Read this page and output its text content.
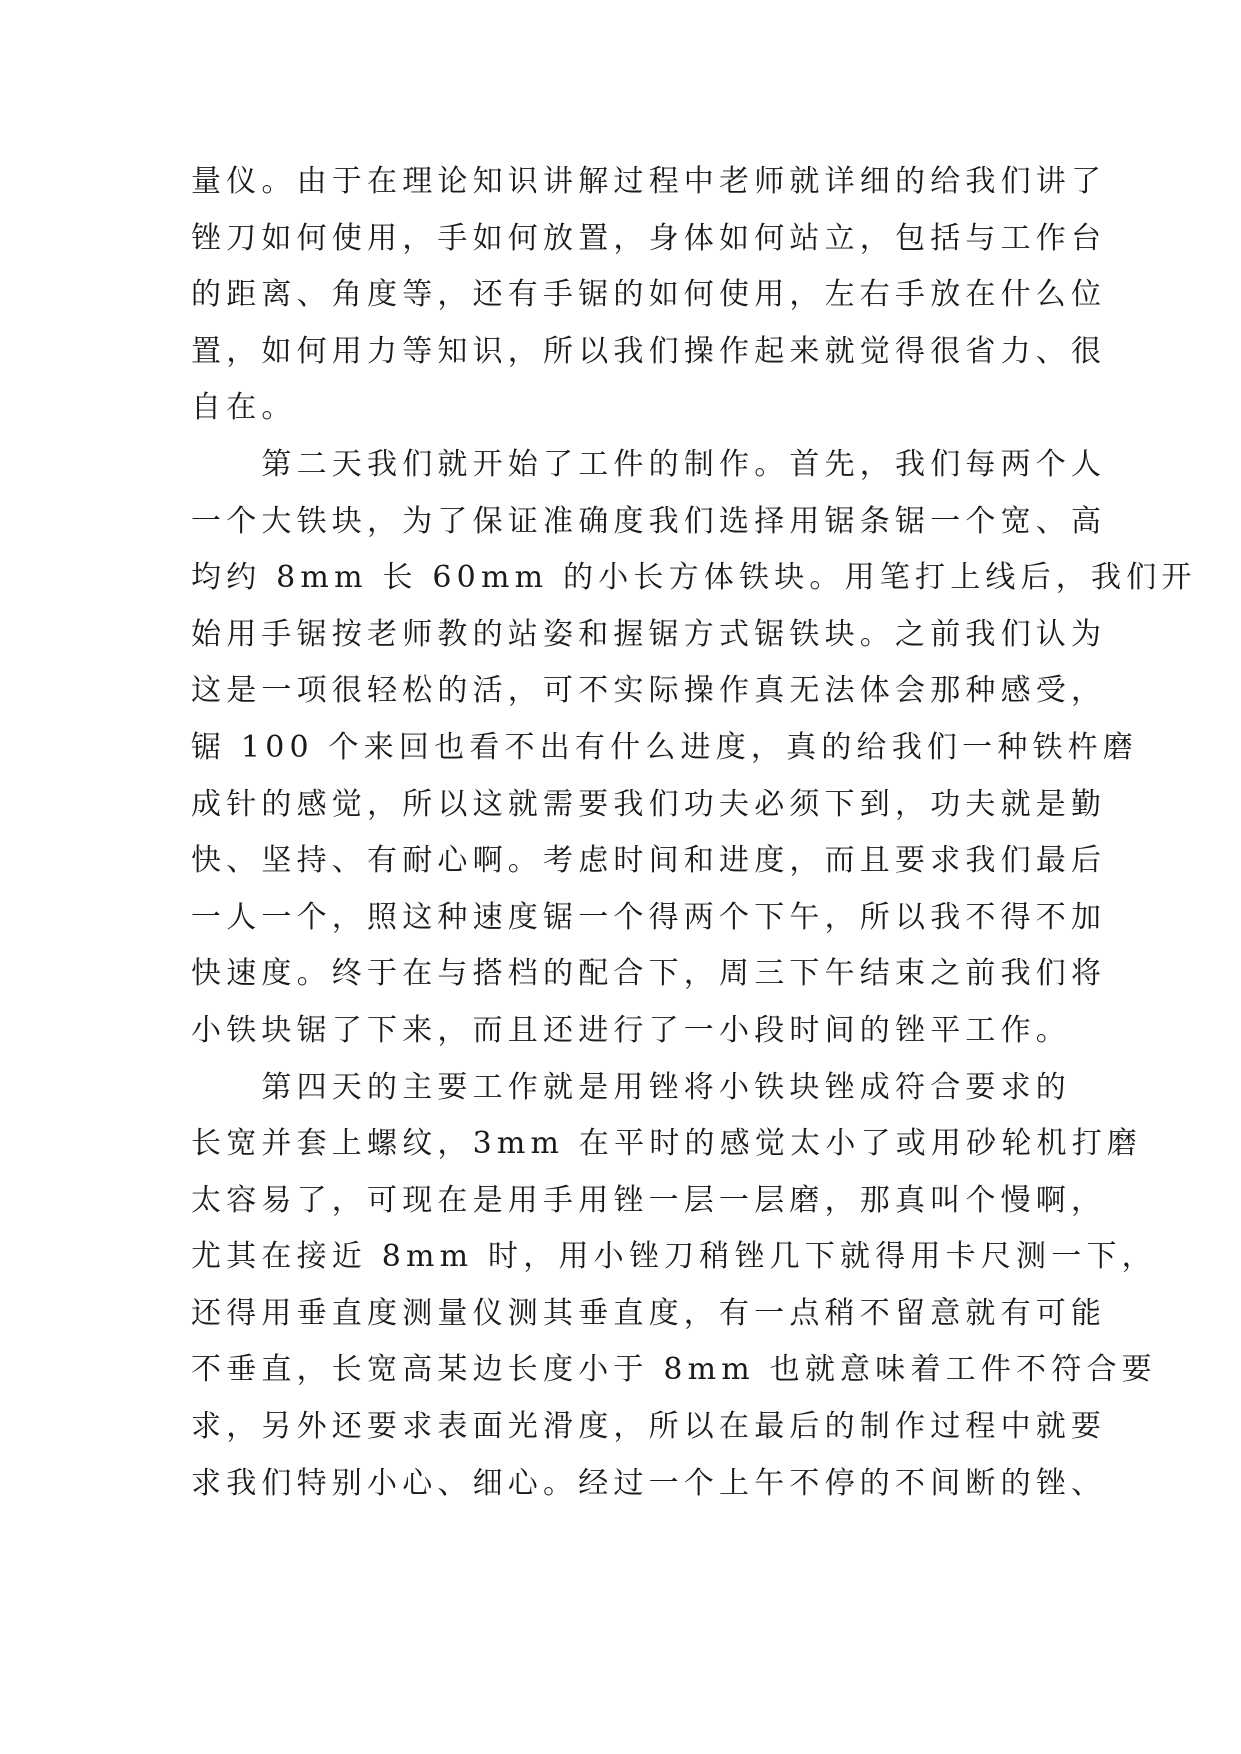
量仪。由于在理论知识讲解过程中老师就详细的给我们讲了
锉刀如何使用，手如何放置，身体如何站立，包括与工作台
的距离、角度等，还有手锯的如何使用，左右手放在什么位
置，如何用力等知识，所以我们操作起来就觉得很省力、很
自在。
　　第二天我们就开始了工件的制作。首先，我们每两个人
一个大铁块，为了保证准确度我们选择用锯条锯一个宽、高
均约 8mm 长 60mm 的小长方体铁块。用笔打上线后，我们开
始用手锯按老师教的站姿和握锯方式锯铁块。之前我们认为
这是一项很轻松的活，可不实际操作真无法体会那种感受，
锯 100 个来回也看不出有什么进度，真的给我们一种铁杵磨
成针的感觉，所以这就需要我们功夫必须下到，功夫就是勤
快、坚持、有耐心啊。考虑时间和进度，而且要求我们最后
一人一个，照这种速度锯一个得两个下午，所以我不得不加
快速度。终于在与搭档的配合下，周三下午结束之前我们将
小铁块锯了下来，而且还进行了一小段时间的锉平工作。
　　第四天的主要工作就是用锉将小铁块锉成符合要求的
长宽并套上螺纹，3mm 在平时的感觉太小了或用砂轮机打磨
太容易了，可现在是用手用锉一层一层磨，那真叫个慢啊，
尤其在接近 8mm 时，用小锉刀稍锉几下就得用卡尺测一下，
还得用垂直度测量仪测其垂直度，有一点稍不留意就有可能
不垂直，长宽高某边长度小于 8mm 也就意味着工件不符合要
求，另外还要求表面光滑度，所以在最后的制作过程中就要
求我们特别小心、细心。经过一个上午不停的不间断的锉、
